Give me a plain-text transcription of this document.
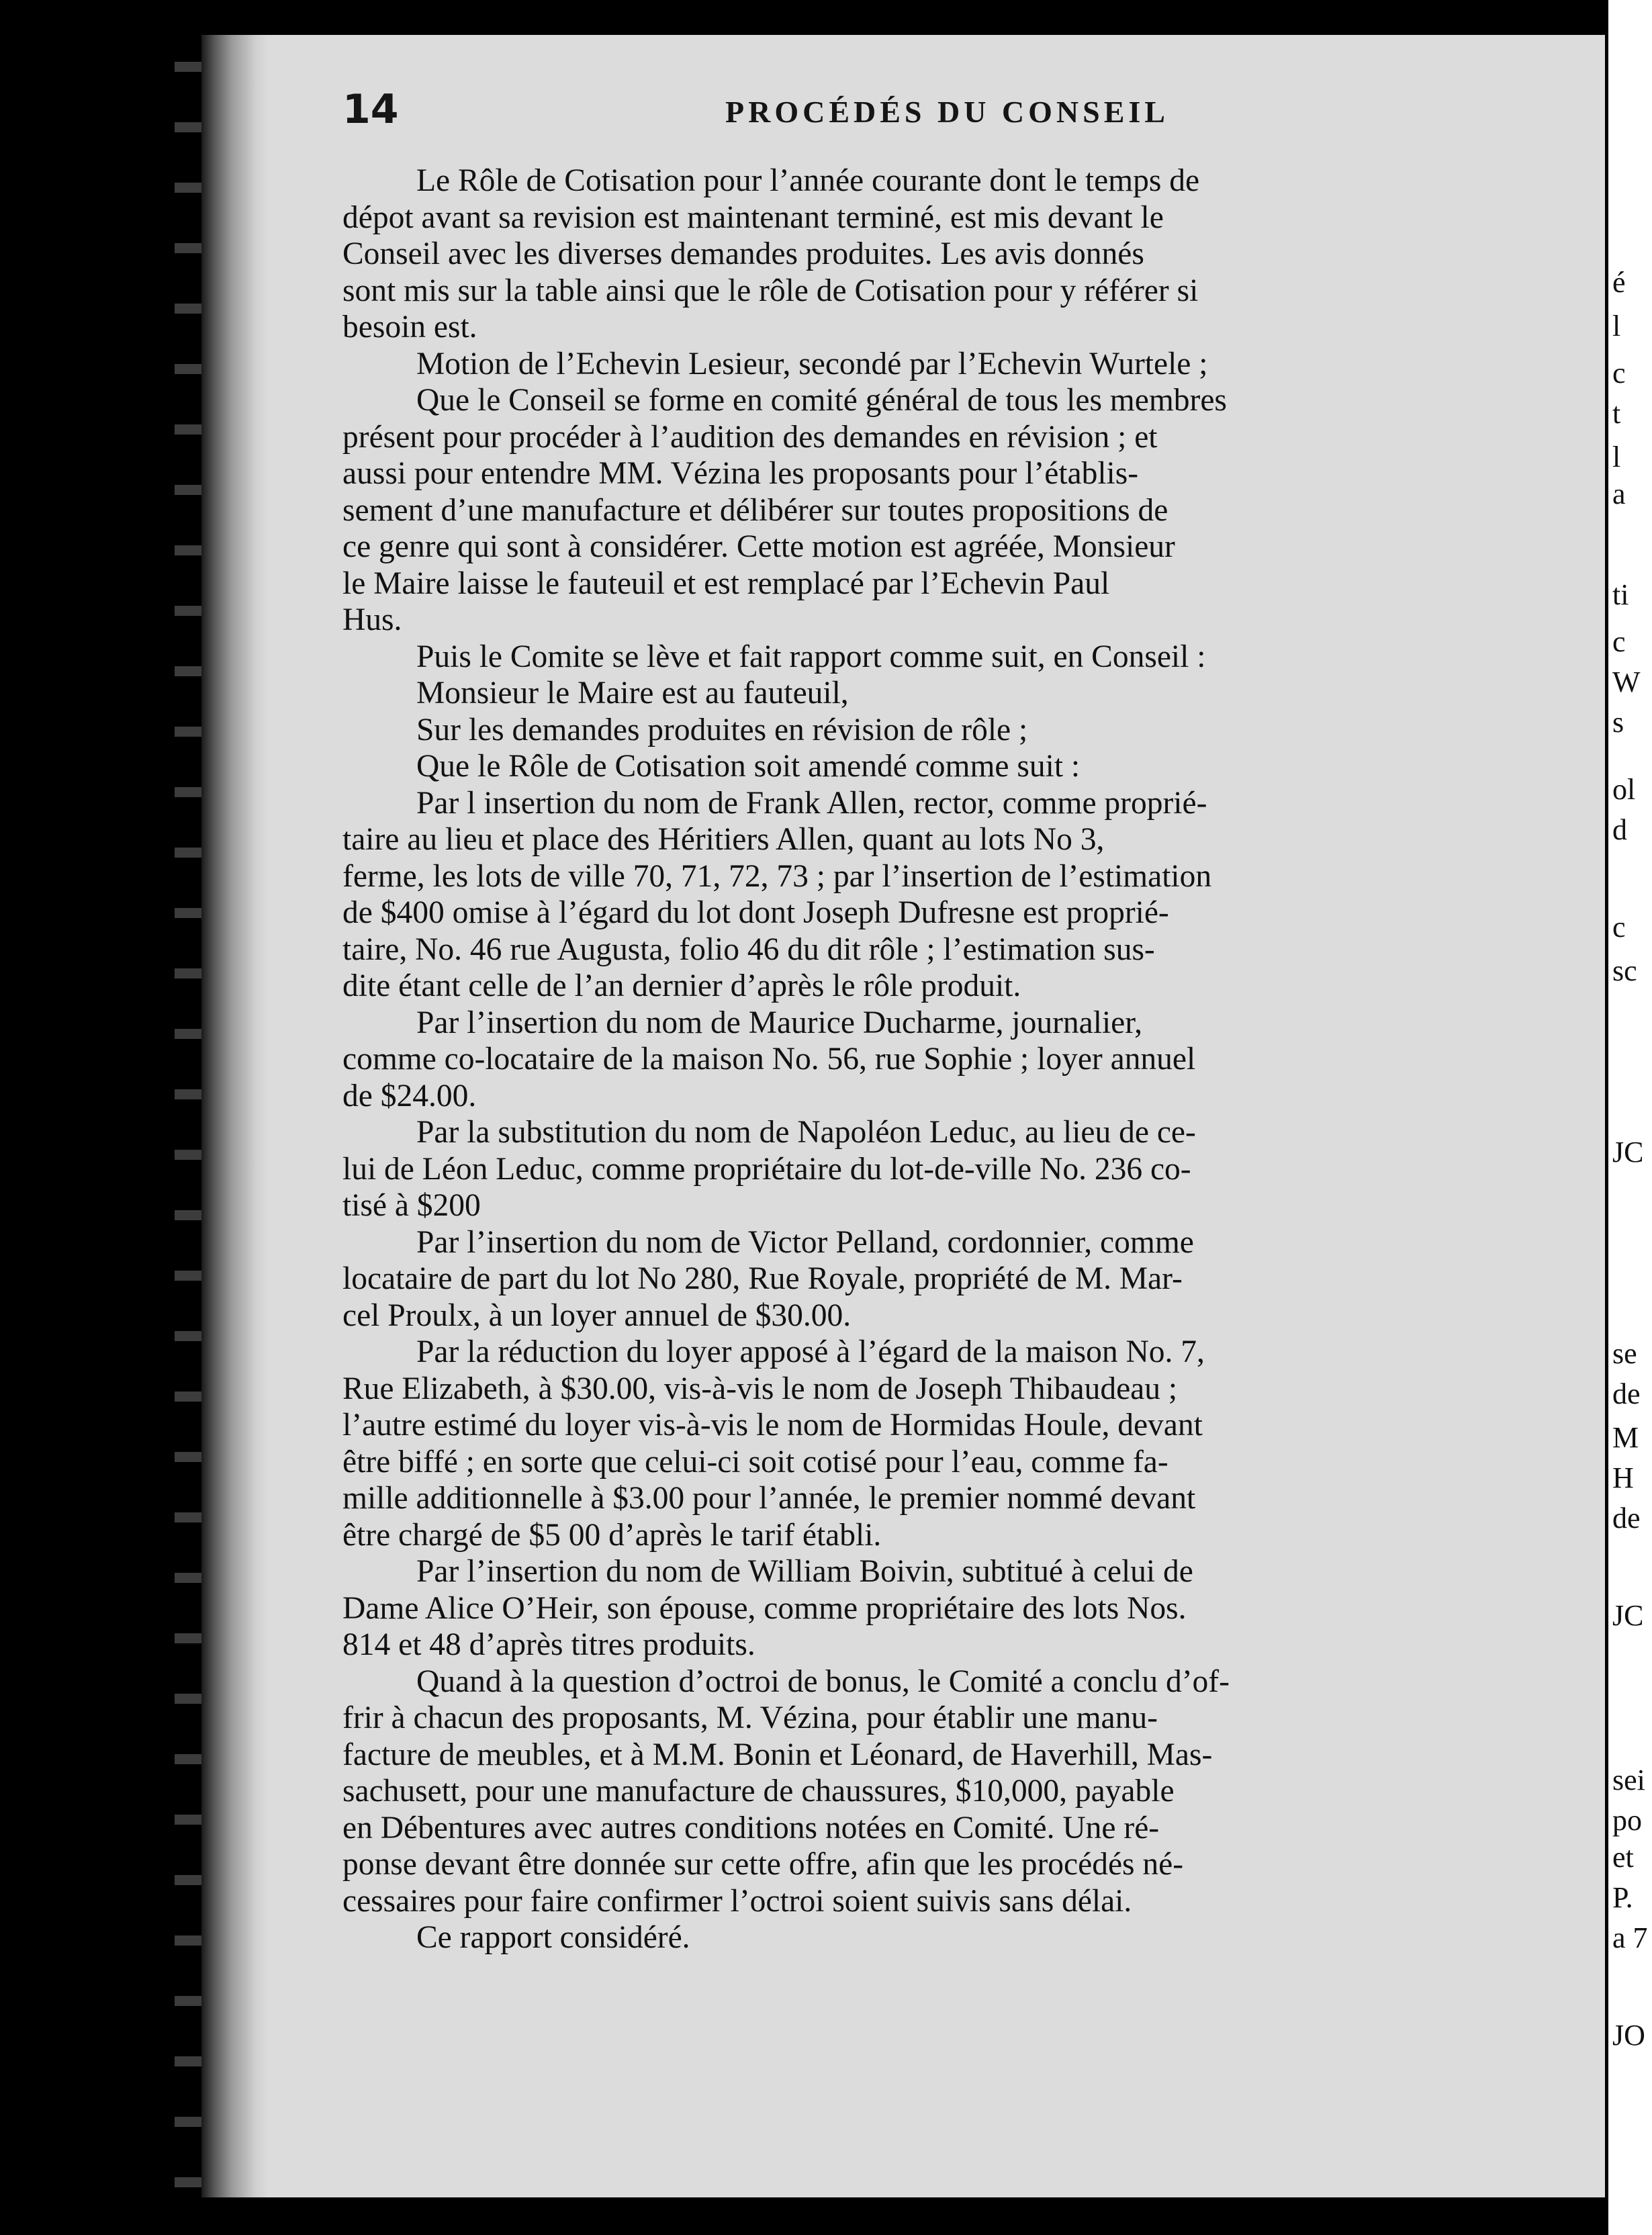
14	PROCÉDÉS DU CONSEIL
Le Rôle de Cotisation pour l’année courante dont le temps de
dépot avant sa revision est maintenant terminé, est mis devant le
Conseil avec les diverses demandes produites. Les avis donnés
sont mis sur la table ainsi que le rôle de Cotisation pour y référer si
besoin est.
Motion de l’Echevin Lesieur, secondé par l’Echevin Wurtele ;
Que le Conseil se forme en comité général de tous les membres
présent pour procéder à l’audition des demandes en révision ; et
aussi pour entendre MM. Vézina les proposants pour l’établis-
sement d’une manufacture et délibérer sur toutes propositions de
ce genre qui sont à considérer. Cette motion est agréée, Monsieur
le Maire laisse le fauteuil et est remplacé par l’Echevin Paul
Hus.
Puis le Comite se lève et fait rapport comme suit, en Conseil :
Monsieur le Maire est au fauteuil,
Sur les demandes produites en révision de rôle ;
Que le Rôle de Cotisation soit amendé comme suit :
Par l insertion du nom de Frank Allen, rector, comme proprié-
taire au lieu et place des Héritiers Allen, quant au lots No 3,
ferme, les lots de ville 70, 71, 72, 73 ; par l’insertion de l’estimation
de $400 omise à l’égard du lot dont Joseph Dufresne est proprié-
taire, No. 46 rue Augusta, folio 46 du dit rôle ; l’estimation sus-
dite étant celle de l’an dernier d’après le rôle produit.
Par l’insertion du nom de Maurice Ducharme, journalier,
comme co-locataire de la maison No. 56, rue Sophie ; loyer annuel
de $24.00.
Par la substitution du nom de Napoléon Leduc, au lieu de ce-
lui de Léon Leduc, comme propriétaire du lot-de-ville No. 236 co-
tisé à $200
Par l’insertion du nom de Victor Pelland, cordonnier, comme
locataire de part du lot No 280, Rue Royale, propriété de M. Mar-
cel Proulx, à un loyer annuel de $30.00.
Par la réduction du loyer apposé à l’égard de la maison No. 7,
Rue Elizabeth, à $30.00, vis-à-vis le nom de Joseph Thibaudeau ;
l’autre estimé du loyer vis-à-vis le nom de Hormidas Houle, devant
être biffé ; en sorte que celui-ci soit cotisé pour l’eau, comme fa-
mille additionnelle à $3.00 pour l’année, le premier nommé devant
être chargé de $5 00 d’après le tarif établi.
Par l’insertion du nom de William Boivin, subtitué à celui de
Dame Alice O’Heir, son épouse, comme propriétaire des lots Nos.
814 et 48 d’après titres produits.
Quand à la question d’octroi de bonus, le Comité a conclu d’of-
frir à chacun des proposants, M. Vézina, pour établir une manu-
facture de meubles, et à M.M. Bonin et Léonard, de Haverhill, Mas-
sachusett, pour une manufacture de chaussures, $10,000, payable
en Débentures avec autres conditions notées en Comité. Une ré-
ponse devant être donnée sur cette offre, afin que les procédés né-
cessaires pour faire confirmer l’octroi soient suivis sans délai.
Ce rapport considéré.
é
l
c
t
l
a
ti
c
W
s
ol
d
c
sc
JC
se
de
M
H
de
JC
sei
po
et
P.
a 7
JO
